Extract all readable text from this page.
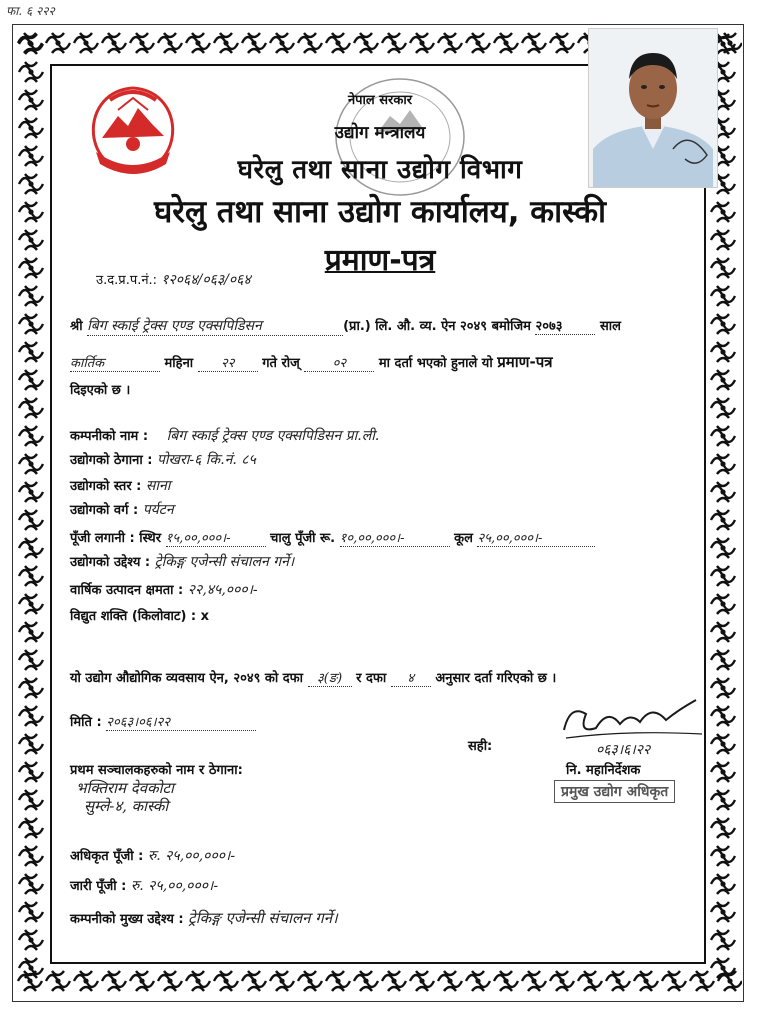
फा. ६ २२२
नेपाल सरकार
उद्योग मन्त्रालय
घरेलु तथा साना उद्योग विभाग
घरेलु तथा साना उद्योग कार्यालय, कास्की
प्रमाण-पत्र
उ.द.प्र.प.नं.: १२०६४/०६३/०६४
श्री बिग स्काई ट्रेक्स एण्ड एक्सपिडिसन	(प्रा.) लि. औ. व्य. ऐन २०४९ बमोजिम २०७३	साल
कार्तिक	महिना २२ गते रोज्	०२	मा दर्ता भएको हुनाले यो प्रमाण-पत्र
दिइएको छ ।
कम्पनीको नाम : बिग स्काई ट्रेक्स एण्ड एक्सपिडिसन प्रा.ली.
उद्योगको ठेगाना : पोखरा-६ कि.नं. ८५
उद्योगको स्तर : साना
उद्योगको वर्ग : पर्यटन
पूँजी लगानी : स्थिर १५,००,०००।-	चालु पूँजी रू. १०,००,०००।-	कूल २५,००,०००।-
उद्योगको उद्देश्य : ट्रेकिङ्ग एजेन्सी संचालन गर्ने।
वार्षिक उत्पादन क्षमता : २२,४५,०००।-
विद्युत शक्ति (किलोवाट) : x
यो उद्योग औद्योगिक व्यवसाय ऐन, २०४९ को दफा ३(ङ) र दफा ४ अनुसार दर्ता गरिएको छ ।
मिति : २०६३।०६।२२
सही:	०६३।६।२२
नि. महानिर्देशक
प्रमुख उद्योग अधिकृत
प्रथम सञ्चालकहरुको नाम र ठेगाना:
भक्तिराम देवकोटा
सुम्ले-४, कास्की
अधिकृत पूँजी : रु. २५,००,०००।-
जारी पूँजी : रु. २५,००,०००।-
कम्पनीको मुख्य उद्देश्य : ट्रेकिङ्ग एजेन्सी संचालन गर्ने।
